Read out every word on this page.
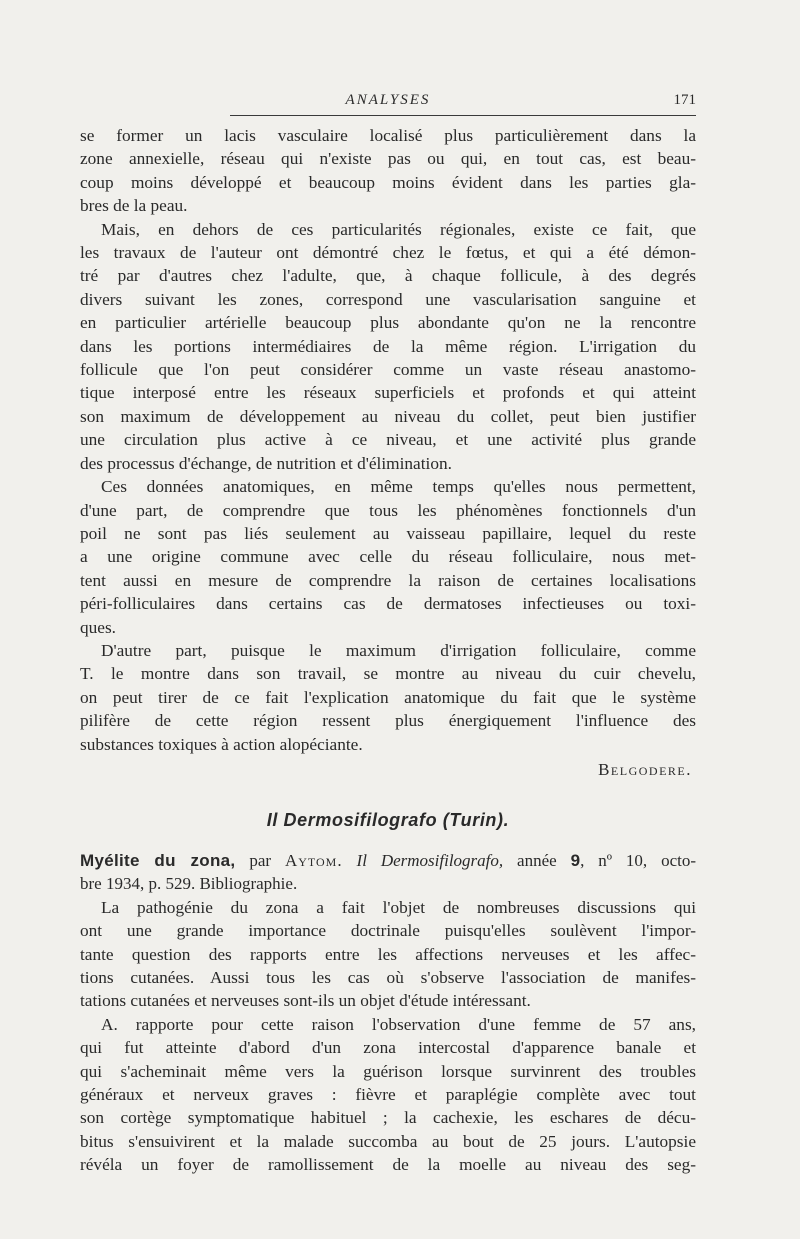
ANALYSES	171

se former un lacis vasculaire localisé plus particulièrement dans la

zone annexielle, réseau qui n'existe pas ou qui, en tout cas, est beau-

coup moins développé et beaucoup moins évident dans les parties gla-

bres de la peau.

Mais, en dehors de ces particularités régionales, existe ce fait, que

les travaux de l'auteur ont démontré chez le fœtus, et qui a été démon-

tré par d'autres chez l'adulte, que, à chaque follicule, à des degrés

divers suivant les zones, correspond une vascularisation sanguine et

en particulier artérielle beaucoup plus abondante qu'on ne la rencontre

dans les portions intermédiaires de la même région. L'irrigation du

follicule que l'on peut considérer comme un vaste réseau anastomo-

tique interposé entre les réseaux superficiels et profonds et qui atteint

son maximum de développement au niveau du collet, peut bien justifier

une circulation plus active à ce niveau, et une activité plus grande

des processus d'échange, de nutrition et d'élimination.

Ces données anatomiques, en même temps qu'elles nous permettent,

d'une part, de comprendre que tous les phénomènes fonctionnels d'un

poil ne sont pas liés seulement au vaisseau papillaire, lequel du reste

a une origine commune avec celle du réseau folliculaire, nous met-

tent aussi en mesure de comprendre la raison de certaines localisations

péri-folliculaires dans certains cas de dermatoses infectieuses ou toxi-

ques.

D'autre part, puisque le maximum d'irrigation folliculaire, comme

T. le montre dans son travail, se montre au niveau du cuir chevelu,

on peut tirer de ce fait l'explication anatomique du fait que le système

pilifère de cette région ressent plus énergiquement l'influence des

substances toxiques à action alopéciante.

Belgodere.
Il Dermosifilografo (Turin).

Myélite du zona, par Aυtom. Il Dermosifilografo, année 9, nº 10, octo-

bre 1934, p. 529. Bibliographie.

La pathogénie du zona a fait l'objet de nombreuses discussions qui

ont une grande importance doctrinale puisqu'elles soulèvent l'impor-

tante question des rapports entre les affections nerveuses et les affec-

tions cutanées. Aussi tous les cas où s'observe l'association de manifes-

tations cutanées et nerveuses sont-ils un objet d'étude intéressant.

A. rapporte pour cette raison l'observation d'une femme de 57 ans,

qui fut atteinte d'abord d'un zona intercostal d'apparence banale et

qui s'acheminait même vers la guérison lorsque survinrent des troubles

généraux et nerveux graves : fièvre et paraplégie complète avec tout

son cortège symptomatique habituel ; la cachexie, les eschares de décu-

bitus s'ensuivirent et la malade succomba au bout de 25 jours. L'autopsie

révéla un foyer de ramollissement de la moelle au niveau des seg-
